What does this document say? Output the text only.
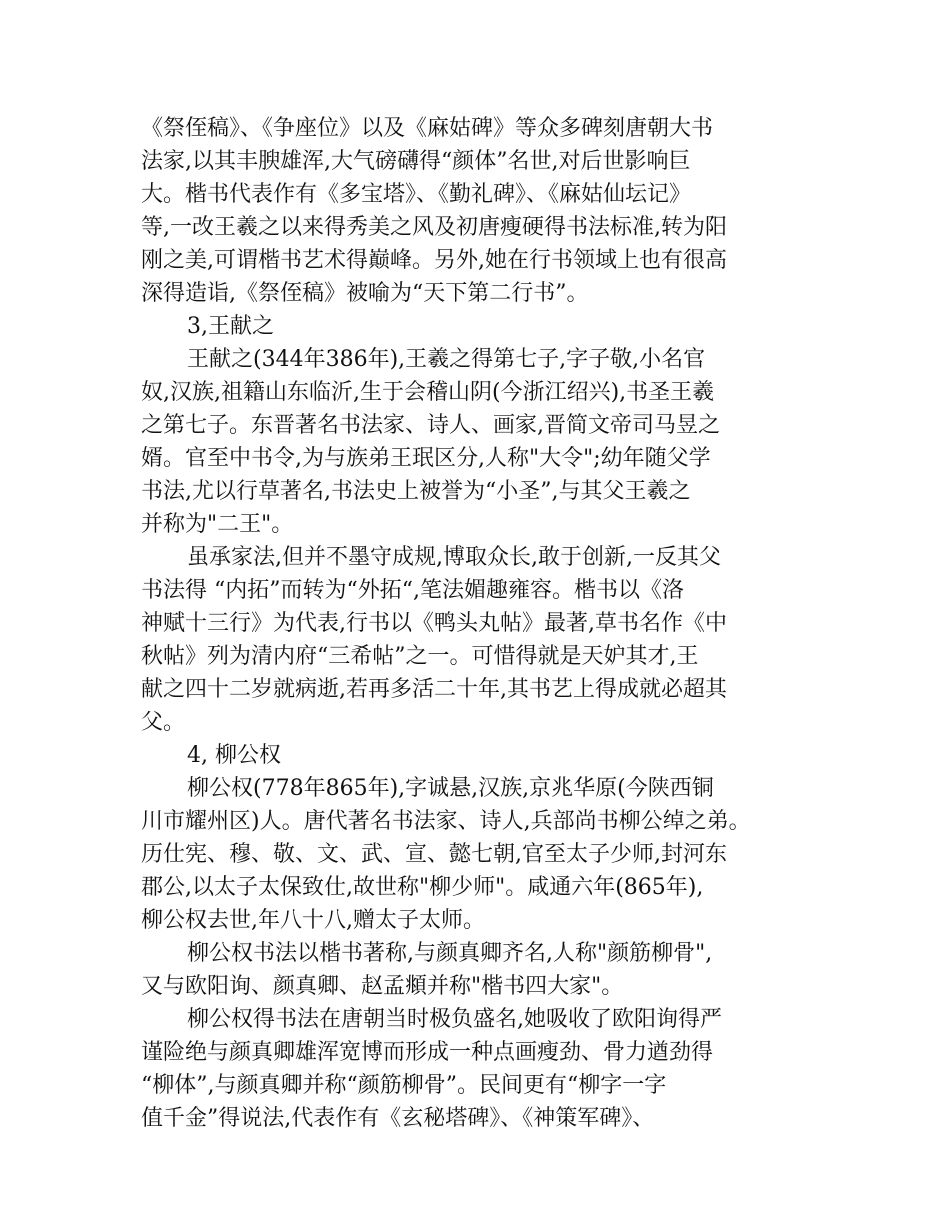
《祭侄稿》、《争座位》以及《麻姑碑》等众多碑刻唐朝大书
法家,以其丰腴雄浑,大气磅礴得“颜体”名世,对后世影响巨
大。楷书代表作有《多宝塔》、《勤礼碑》、《麻姑仙坛记》
等,一改王羲之以来得秀美之风及初唐瘦硬得书法标准,转为阳
刚之美,可谓楷书艺术得巅峰。另外,她在行书领域上也有很高
深得造诣,《祭侄稿》被喻为“天下第二行书”。
3,王献之
王献之(344年386年),王羲之得第七子,字子敬,小名官
奴,汉族,祖籍山东临沂,生于会稽山阴(今浙江绍兴),书圣王羲
之第七子。东晋著名书法家、诗人、画家,晋简文帝司马昱之
婿。官至中书令,为与族弟王珉区分,人称"大令";幼年随父学
书法,尤以行草著名,书法史上被誉为“小圣”,与其父王羲之
并称为"二王"。
虽承家法,但并不墨守成规,博取众长,敢于创新,一反其父
书法得 “内拓”而转为“外拓“,笔法媚趣雍容。楷书以《洛
神赋十三行》为代表,行书以《鸭头丸帖》最著,草书名作《中
秋帖》列为清内府“三希帖”之一。可惜得就是天妒其才,王
献之四十二岁就病逝,若再多活二十年,其书艺上得成就必超其
父。
4, 柳公权
柳公权(778年865年),字诚悬,汉族,京兆华原(今陕西铜
川市耀州区)人。唐代著名书法家、诗人,兵部尚书柳公绰之弟。
历仕宪、穆、敬、文、武、宣、懿七朝,官至太子少师,封河东
郡公,以太子太保致仕,故世称"柳少师"。咸通六年(865年),
柳公权去世,年八十八,赠太子太师。
柳公权书法以楷书著称,与颜真卿齐名,人称"颜筋柳骨",
又与欧阳询、颜真卿、赵孟頫并称"楷书四大家"。
柳公权得书法在唐朝当时极负盛名,她吸收了欧阳询得严
谨险绝与颜真卿雄浑宽博而形成一种点画瘦劲、骨力遒劲得
“柳体”,与颜真卿并称“颜筋柳骨”。民间更有“柳字一字
值千金”得说法,代表作有《玄秘塔碑》、《神策军碑》、
